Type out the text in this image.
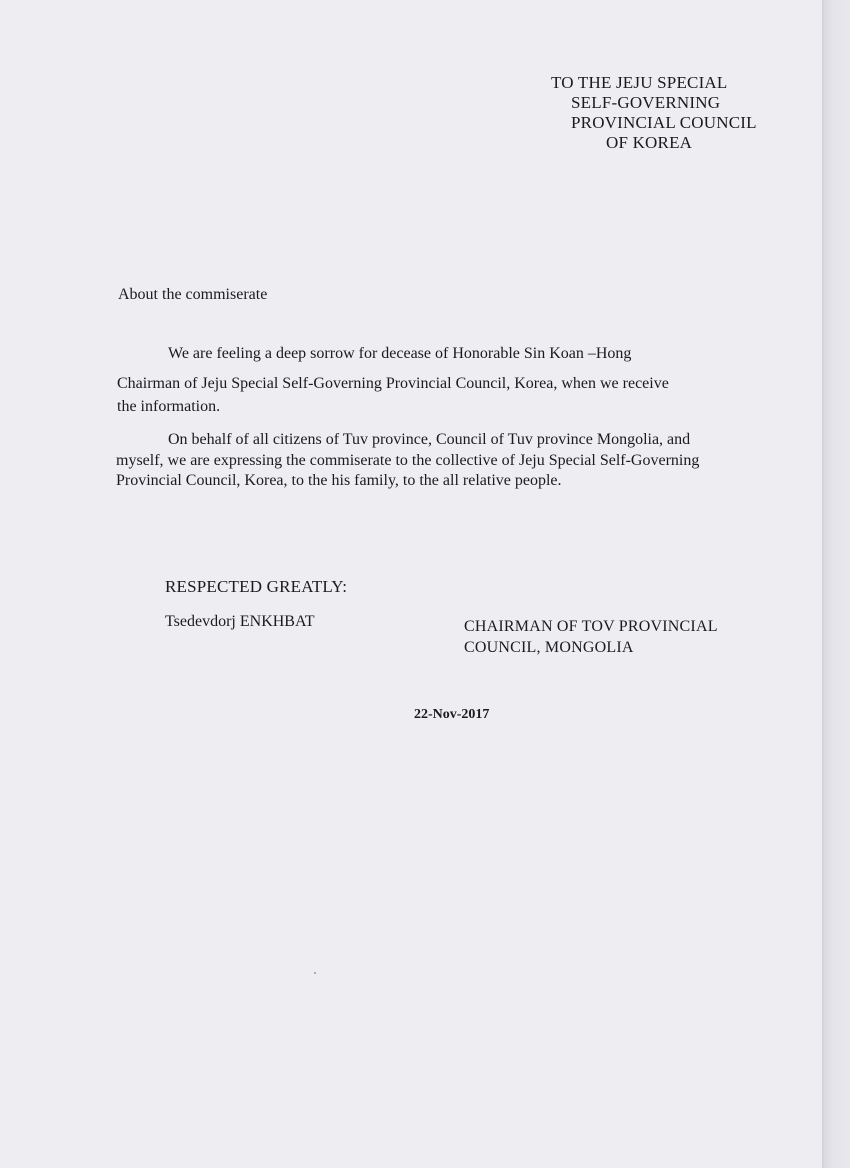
TO THE JEJU SPECIAL
SELF-GOVERNING
PROVINCIAL COUNCIL
OF KOREA
About the commiserate
We are feeling a deep sorrow for decease of Honorable Sin Koan –Hong
Chairman of Jeju Special Self-Governing Provincial Council, Korea, when we receive
the information.
On behalf of all citizens of Tuv province, Council of Tuv province Mongolia, and
myself, we are expressing the commiserate to the collective of Jeju Special Self-Governing
Provincial Council, Korea, to the his family, to the all relative people.
RESPECTED GREATLY:
Tsedevdorj ENKHBAT	CHAIRMAN OF TOV PROVINCIAL
COUNCIL, MONGOLIA
22-Nov-2017
